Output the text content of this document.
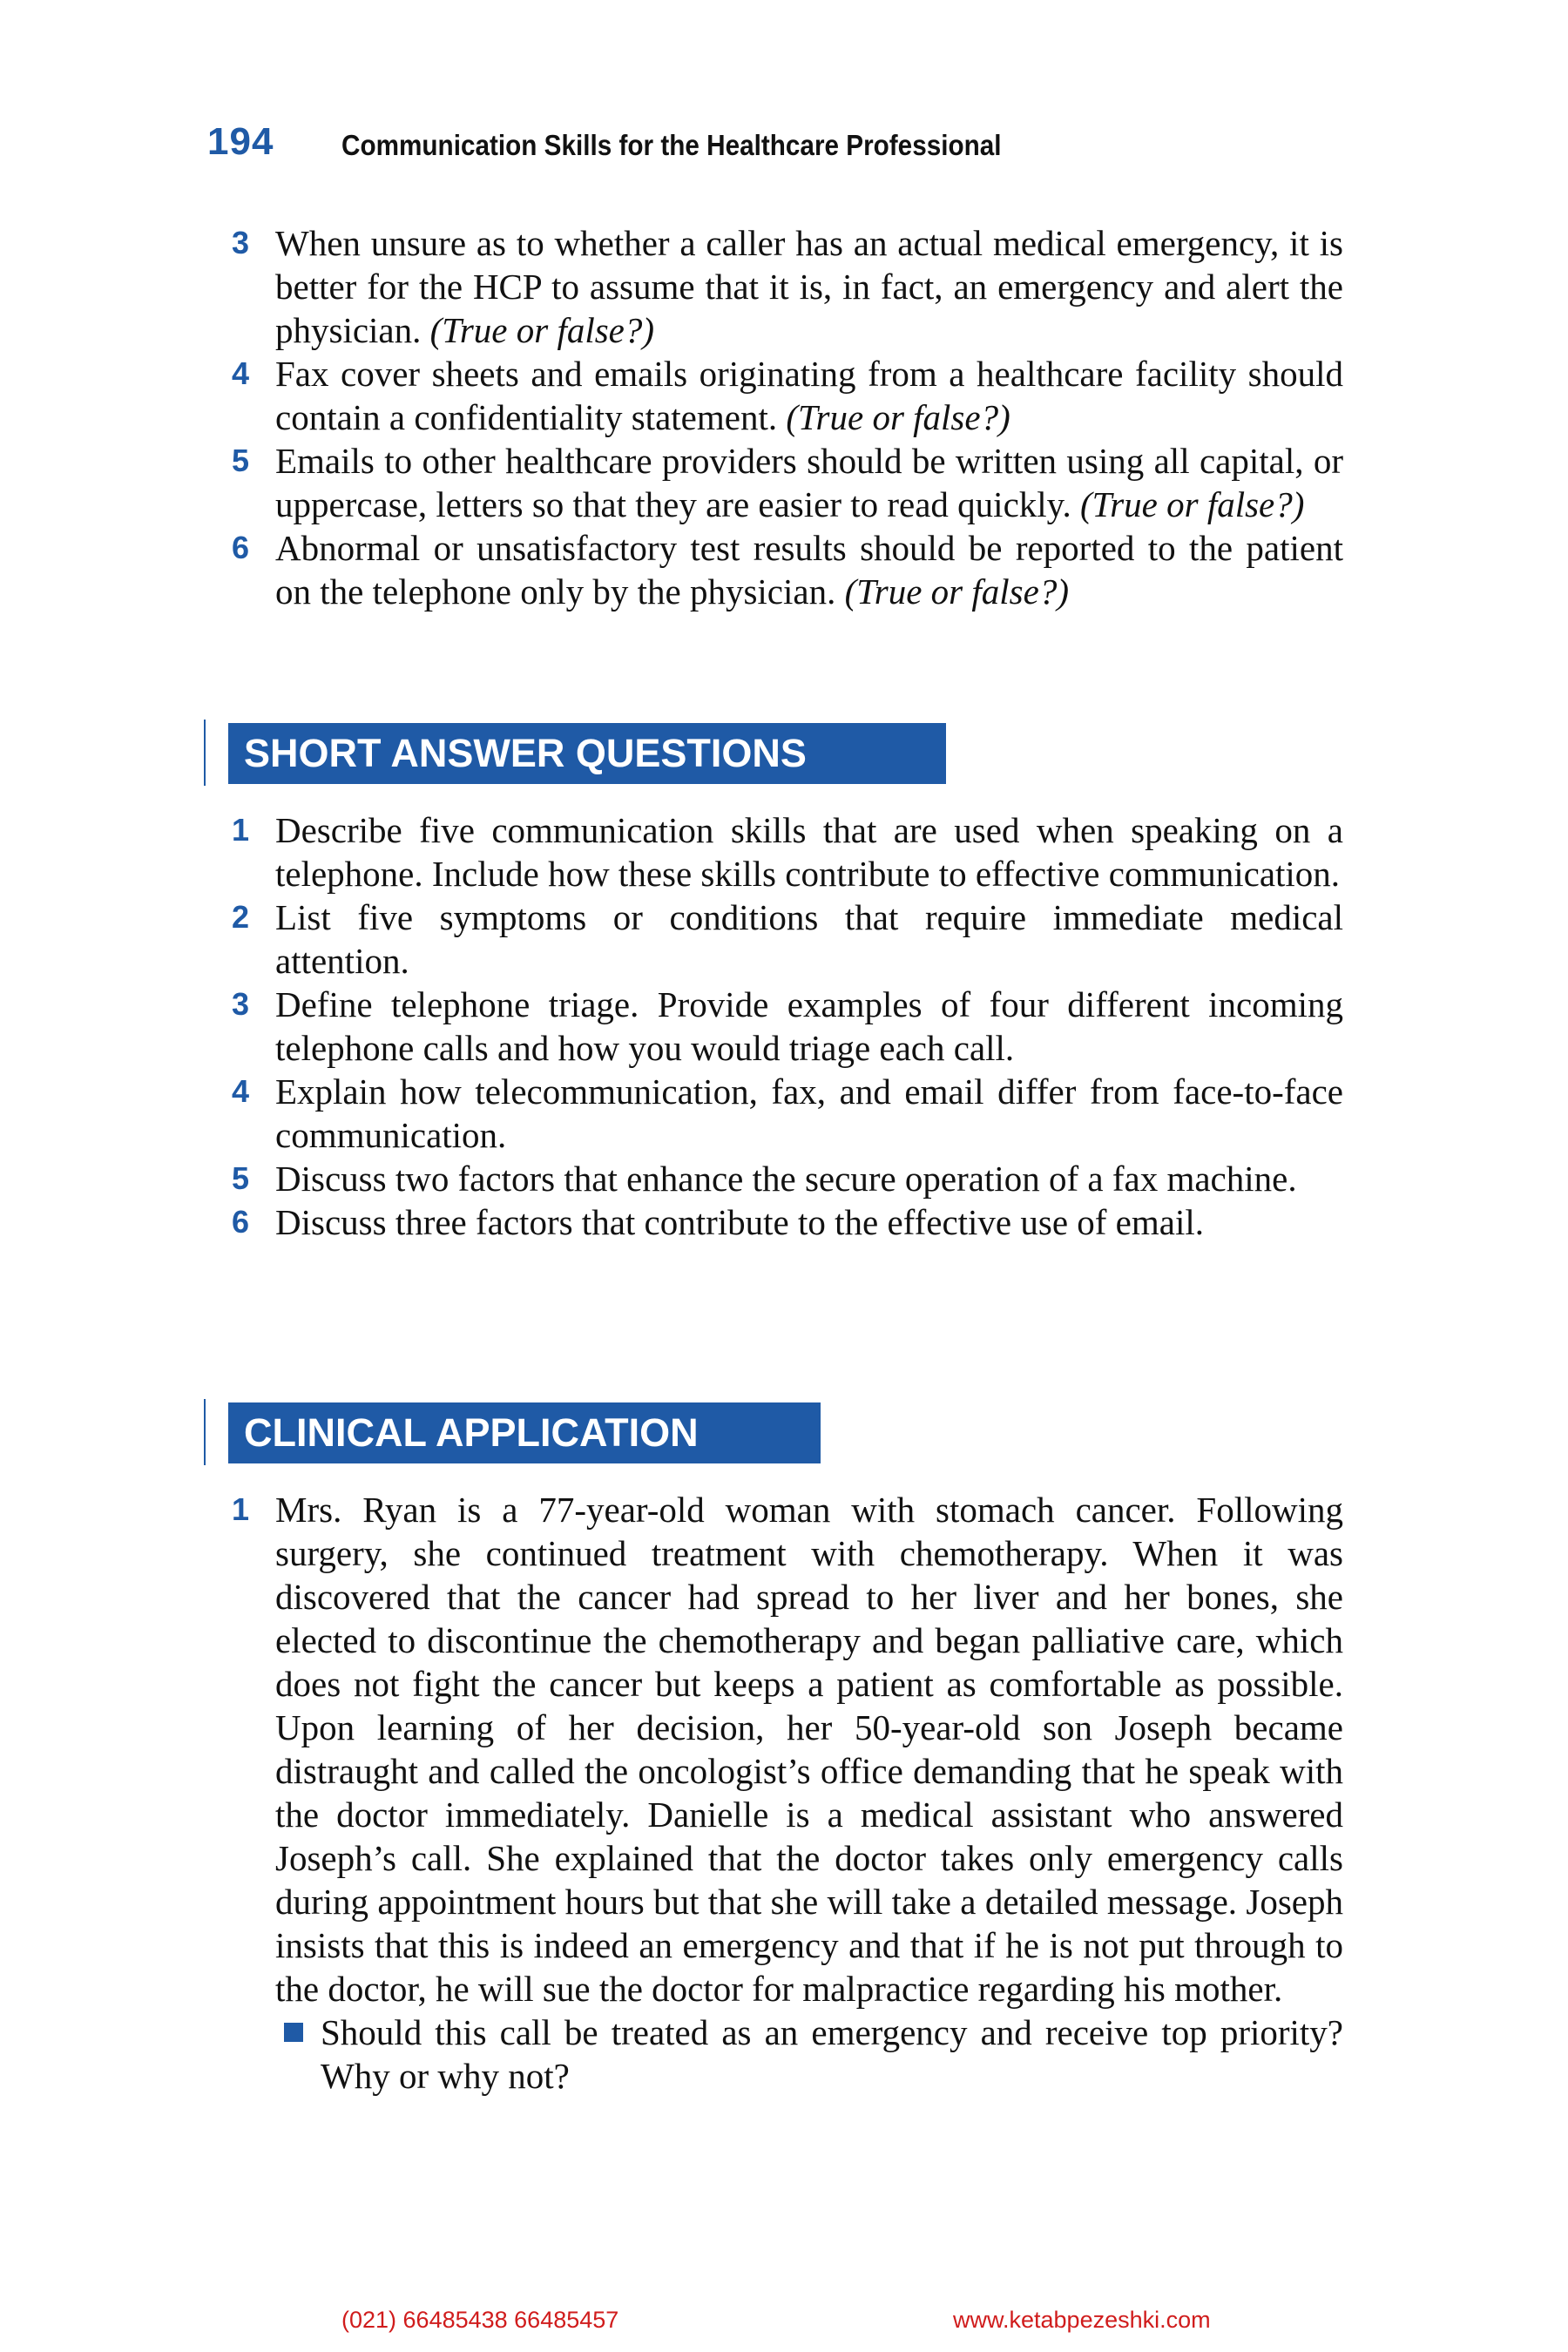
194 Communication Skills for the Healthcare Professional
3 When unsure as to whether a caller has an actual medical emergency, it is better for the HCP to assume that it is, in fact, an emergency and alert the physician. (True or false?)
4 Fax cover sheets and emails originating from a healthcare facility should contain a confidentiality statement. (True or false?)
5 Emails to other healthcare providers should be written using all capital, or uppercase, letters so that they are easier to read quickly. (True or false?)
6 Abnormal or unsatisfactory test results should be reported to the patient on the telephone only by the physician. (True or false?)
SHORT ANSWER QUESTIONS
1 Describe five communication skills that are used when speaking on a telephone. Include how these skills contribute to effective communication.
2 List five symptoms or conditions that require immediate medical attention.
3 Define telephone triage. Provide examples of four different incoming telephone calls and how you would triage each call.
4 Explain how telecommunication, fax, and email differ from face-to-face communication.
5 Discuss two factors that enhance the secure operation of a fax machine.
6 Discuss three factors that contribute to the effective use of email.
CLINICAL APPLICATION
1 Mrs. Ryan is a 77-year-old woman with stomach cancer. Following surgery, she continued treatment with chemotherapy. When it was discovered that the cancer had spread to her liver and her bones, she elected to discontinue the chemotherapy and began palliative care, which does not fight the cancer but keeps a patient as comfortable as possible. Upon learning of her decision, her 50-year-old son Joseph became distraught and called the oncologist’s office demanding that he speak with the doctor immediately. Danielle is a medical assistant who answered Joseph’s call. She explained that the doctor takes only emergency calls during appointment hours but that she will take a detailed message. Joseph insists that this is indeed an emergency and that if he is not put through to the doctor, he will sue the doctor for malpractice regarding his mother.
Should this call be treated as an emergency and receive top priority? Why or why not?
(021) 66485438 66485457	www.ketabpezeshki.com
